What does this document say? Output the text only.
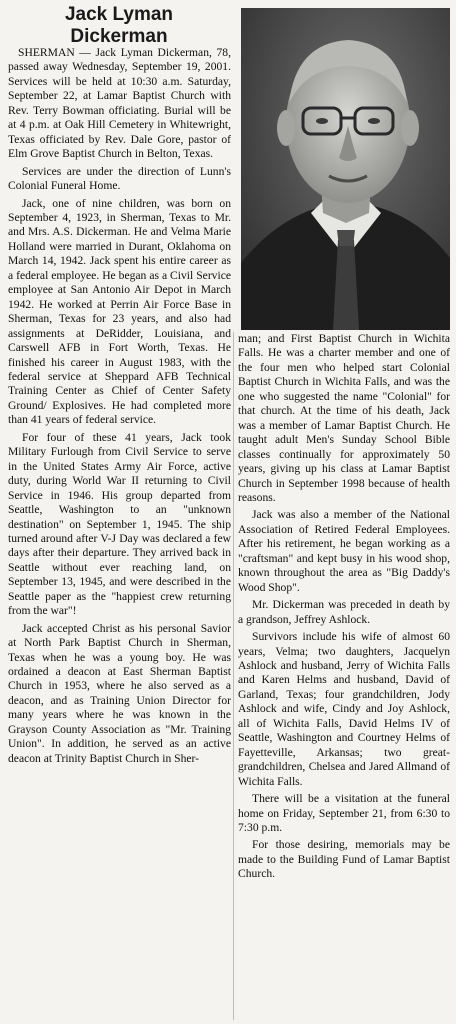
Jack Lyman
Dickerman

SHERMAN — Jack Lyman Dickerman, 78, passed away Wednesday, September 19, 2001. Services will be held at 10:30 a.m. Saturday, September 22, at Lamar Baptist Church with Rev. Terry Bowman officiating. Burial will be at 4 p.m. at Oak Hill Cemetery in Whitewright, Texas officiated by Rev. Dale Gore, pastor of Elm Grove Baptist Church in Belton, Texas.

Services are under the direction of Lunn's Colonial Funeral Home.

Jack, one of nine children, was born on September 4, 1923, in Sherman, Texas to Mr. and Mrs. A.S. Dickerman. He and Velma Marie Holland were married in Durant, Oklahoma on March 14, 1942. Jack spent his entire career as a federal employee. He began as a Civil Service employee at San Antonio Air Depot in March 1942. He worked at Perrin Air Force Base in Sherman, Texas for 23 years, and also had assignments at DeRidder, Louisiana, and Carswell AFB in Fort Worth, Texas. He finished his career in August 1983, with the federal service at Sheppard AFB Technical Training Center as Chief of Center Safety Ground/ Explosives. He had completed more than 41 years of federal service.

For four of these 41 years, Jack took Military Furlough from Civil Service to serve in the United States Army Air Force, active duty, during World War II returning to Civil Service in 1946. His group departed from Seattle, Washington to an "unknown destination" on September 1, 1945. The ship turned around after V-J Day was declared a few days after their departure. They arrived back in Seattle without ever reaching land, on September 13, 1945, and were described in the Seattle paper as the "happiest crew returning from the war"!

Jack accepted Christ as his personal Savior at North Park Baptist Church in Sherman, Texas when he was a young boy. He was ordained a deacon at East Sherman Baptist Church in 1953, where he also served as a deacon, and as Training Union Director for many years where he was known in the Grayson County Association as "Mr. Training Union". In addition, he served as an active deacon at Trinity Baptist Church in Sher-

man; and First Baptist Church in Wichita Falls. He was a charter member and one of the four men who helped start Colonial Baptist Church in Wichita Falls, and was the one who suggested the name "Colonial" for that church. At the time of his death, Jack was a member of Lamar Baptist Church. He taught adult Men's Sunday School Bible classes continually for approximately 50 years, giving up his class at Lamar Baptist Church in September 1998 because of health reasons.

Jack was also a member of the National Association of Retired Federal Employees. After his retirement, he began working as a "craftsman" and kept busy in his wood shop, known throughout the area as "Big Daddy's Wood Shop".

Mr. Dickerman was preceded in death by a grandson, Jeffrey Ashlock.

Survivors include his wife of almost 60 years, Velma; two daughters, Jacquelyn Ashlock and husband, Jerry of Wichita Falls and Karen Helms and husband, David of Garland, Texas; four grandchildren, Jody Ashlock and wife, Cindy and Joy Ashlock, all of Wichita Falls, David Helms IV of Seattle, Washington and Courtney Helms of Fayetteville, Arkansas; two great-grandchildren, Chelsea and Jared Allmand of Wichita Falls.

There will be a visitation at the funeral home on Friday, September 21, from 6:30 to 7:30 p.m.

For those desiring, memorials may be made to the Building Fund of Lamar Baptist Church.
